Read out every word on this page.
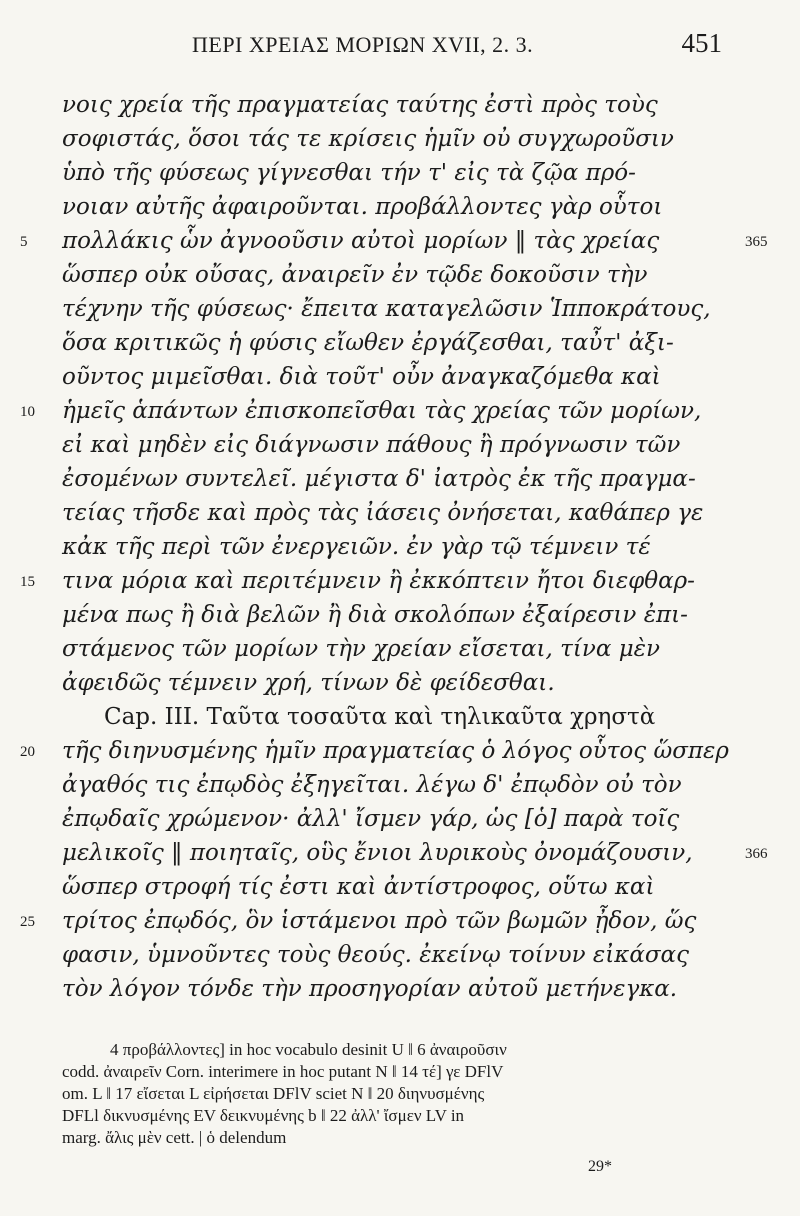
ΠΕΡΙ ΧΡΕΙΑΣ ΜΟΡΙΩΝ XVII, 2. 3.	451
νοις χρεία τῆς πραγματείας ταύτης ἐστὶ πρὸς τοὺς
σοφιστάς, ὅσοι τάς τε κρίσεις ἡμῖν οὐ συγχωροῦσιν
ὑπὸ τῆς φύσεως γίγνεσθαι τήν τ' εἰς τὰ ζῷα πρό-
νοιαν αὐτῆς ἀφαιροῦνται. προβάλλοντες γὰρ οὗτοι
πολλάκις ὧν ἀγνοοῦσιν αὐτοὶ μορίων ‖ τὰς χρείας
ὥσπερ οὐκ οὔσας, ἀναιρεῖν ἐν τῷδε δοκοῦσιν τὴν
τέχνην τῆς φύσεως· ἔπειτα καταγελῶσιν Ἱπποκράτους,
ὅσα κριτικῶς ἡ φύσις εἴωθεν ἐργάζεσθαι, ταὖτ' ἀξι-
οῦντος μιμεῖσθαι. διὰ τοῦτ' οὖν ἀναγκαζόμεθα καὶ
ἡμεῖς ἁπάντων ἐπισκοπεῖσθαι τὰς χρείας τῶν μορίων,
εἰ καὶ μηδὲν εἰς διάγνωσιν πάθους ἢ πρόγνωσιν τῶν
ἐσομένων συντελεῖ. μέγιστα δ' ἰατρὸς ἐκ τῆς πραγμα-
τείας τῆσδε καὶ πρὸς τὰς ἰάσεις ὀνήσεται, καθάπερ γε
κἀκ τῆς περὶ τῶν ἐνεργειῶν. ἐν γὰρ τῷ τέμνειν τέ
τινα μόρια καὶ περιτέμνειν ἢ ἐκκόπτειν ἤτοι διεφθαρ-
μένα πως ἢ διὰ βελῶν ἢ διὰ σκολόπων ἐξαίρεσιν ἐπι-
στάμενος τῶν μορίων τὴν χρείαν εἴσεται, τίνα μὲν
ἀφειδῶς τέμνειν χρή, τίνων δὲ φείδεσθαι.
Cap. III. Ταῦτα τοσαῦτα καὶ τηλικαῦτα χρηστὰ
τῆς διηνυσμένης ἡμῖν πραγματείας ὁ λόγος οὗτος ὥσπερ
ἀγαθός τις ἐπῳδὸς ἐξηγεῖται. λέγω δ' ἐπῳδὸν οὐ τὸν
ἐπῳδαῖς χρώμενον· ἀλλ' ἴσμεν γάρ, ὡς [ὁ] παρὰ τοῖς
μελικοῖς ‖ ποιηταῖς, οὓς ἔνιοι λυρικοὺς ὀνομάζουσιν,
ὥσπερ στροφή τίς ἐστι καὶ ἀντίστροφος, οὕτω καὶ
τρίτος ἐπῳδός, ὃν ἱστάμενοι πρὸ τῶν βωμῶν ᾖδον, ὥς
φασιν, ὑμνοῦντες τοὺς θεούς. ἐκείνῳ τοίνυν εἰκάσας
τὸν λόγον τόνδε τὴν προσηγορίαν αὐτοῦ μετήνεγκα.
5
10
15
20
25
365
366
4 προβάλλοντες] in hoc vocabulo desinit U ‖ 6 ἀναιροῦσιν
codd. ἀναιρεῖν Corn. interimere in hoc putant N ‖ 14 τέ] γε DFlV
om. L ‖ 17 εἴσεται L εἰρήσεται DFlV sciet N ‖ 20 διηνυσμένης
DFLl δικνυσμένης EV δεικνυμένης b ‖ 22 ἀλλ' ἴσμεν LV in
marg. ἄλις μὲν cett. | ὁ delendum
29*
